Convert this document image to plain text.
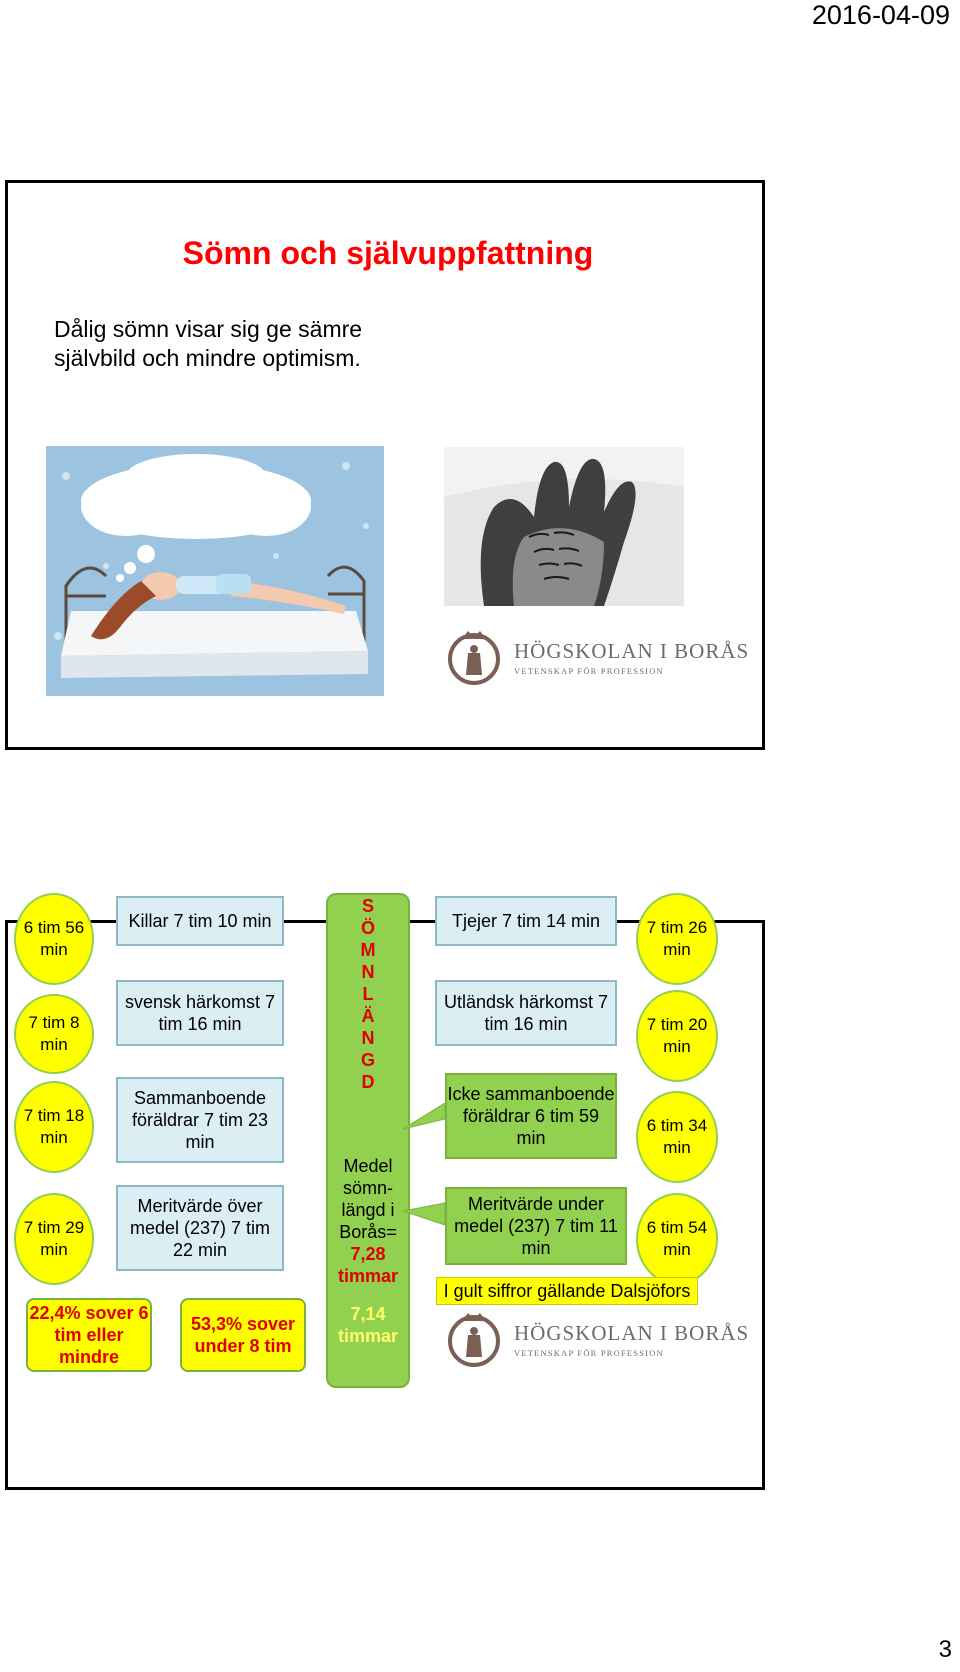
2016-04-09
Sömn och självuppfattning
Dålig sömn visar sig ge sämre självbild och mindre optimism.
HÖGSKOLAN I BORÅS
VETENSKAP FÖR PROFESSION
6 tim 56 min
7 tim 8 min
7 tim 18 min
7 tim 29 min
Killar 7 tim 10 min
svensk härkomst 7 tim 16 min
Sammanboende föräldrar 7 tim 23 min
Meritvärde över medel (237) 7 tim 22 min
22,4% sover 6 tim eller mindre
53,3% sover under 8 tim
S
Ö
M
N
L
Ä
N
G
D
Medel sömn-längd i Borås=
7,28 timmar
7,14 timmar
Tjejer 7 tim 14 min
Utländsk härkomst 7 tim 16 min
Icke sammanboende föräldrar 6 tim 59 min
Meritvärde under medel (237) 7 tim 11 min
7 tim 26 min
7 tim 20 min
6 tim 34 min
6 tim 54 min
I gult siffror gällande Dalsjöfors
HÖGSKOLAN I BORÅS
VETENSKAP FÖR PROFESSION
3
